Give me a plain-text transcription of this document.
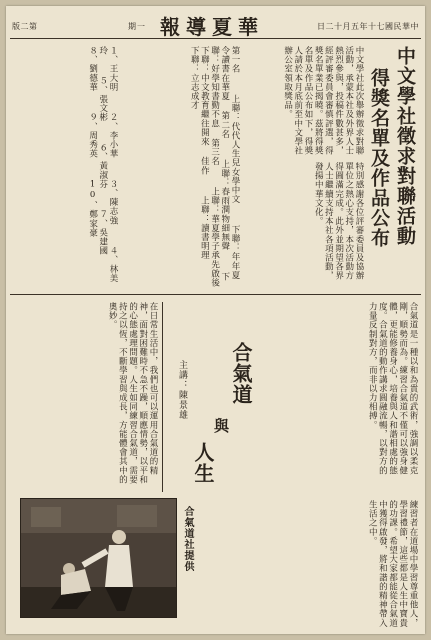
版二第	期一 報導夏華	日二十月五年十七國民華中
中文學社徵求對聯活動
得獎名單及作品公布
中文學社此次舉辦徵求對聯活動，承蒙本社及外界人士熱烈參與，投稿件數甚多，經評審委員會審慎評選，得獎名單業已揭曉。茲將得獎名單及作品公布如下，得獎人請於本月底前至中文學社辦公室領取獎品。
特別感謝各位評審委員及協辦單位之熱心支持，本次活動方得圓滿完成。此外並期望各界人士繼續支持本社各項活動，發揚中華文化。
第一名  上聯：代代人生兒女學中文  下聯：年年夏令讀書在華夏 第二名  上聯：春雨潤物細無聲  下聯：好學知書勤不息 第三名  上聯：華夏學子承先啟後  下聯：中文教育繼往開來 佳作  上聯：讀書明理  下聯：立志成才
１、王大明  ２、李小華  ３、陳志強  ４、林美玲  ５、張文彬  ６、黃淑芬  ７、吳建國  ８、劉德華  ９、周秀英  10、鄭家豪
合氣道是一種以和為貴的武術，強調以柔克剛，順勢而為。練習合氣道不僅可以強身健體，更能修養身心，培養與人和諧相處的態度。合氣道的動作講求圓融流暢，以對方的力量反制對方，而非以力相搏。
合氣道
與
人生
主講：陳景雄
在日常生活中，我們也可以運用合氣道的精神，面對困難時不急不躁，順應情勢，以平和的心態處理問題。人生如同練習合氣道，需要持之以恆，不斷學習與成長，方能體會其中的奧妙。
練習者在道場中學習尊重他人，學習禮節，這些都是人生中寶貴的功課。希望大家都能從合氣道中獲得啟發，將和諧的精神帶入生活之中。
合氣道社提供
